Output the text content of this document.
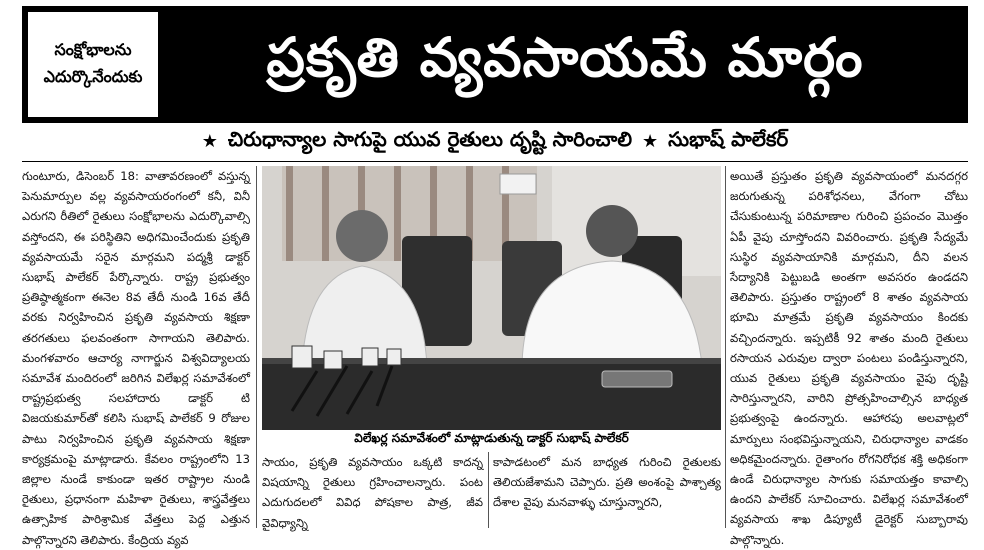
సంక్షోభాలను
ఎదుర్కొనేందుకు	ప్రకృతి వ్యవసాయమే మార్గం
★ చిరుధాన్యాల సాగుపై యువ రైతులు దృష్టి సారించాలి ★ సుభాష్ పాలేకర్

గుంటూరు, డిసెంబర్ 18: వాతావరణంలో వస్తున్న పెనుమార్పుల వల్ల వ్యవసాయరంగంలో కనీ, వినీ ఎరుగని రీతిలో రైతులు సంక్షోభాలను ఎదుర్కొవాల్సి వస్తోందని, ఈ పరిస్థితిని అధిగమించేందుకు ప్రకృతి వ్యవసాయమే సరైన మార్గమని పద్మశ్రీ డాక్టర్ సుభాష్ పాలేకర్ పేర్కొన్నారు. రాష్ట్ర ప్రభుత్వం ప్రతిష్ఠాత్మకంగా ఈనెల 8వ తేదీ నుండి 16వ తేదీ వరకు నిర్వహించిన ప్రకృతి వ్యవసాయ శిక్షణా తరగతులు ఫలవంతంగా సాగాయని తెలిపారు. మంగళవారం ఆచార్య నాగార్జున విశ్వవిద్యాలయ సమావేశ మందిరంలో జరిగిన విలేఖర్ల సమావేశంలో రాష్ట్రప్రభుత్వ సలహాదారు డాక్టర్ టి విజయకుమార్‌తో కలిసి సుభాష్ పాలేకర్ 9 రోజుల పాటు నిర్వహించిన ప్రకృతి వ్యవసాయ శిక్షణా కార్యక్రమంపై మాట్లాడారు. కేవలం రాష్ట్రంలోని 13 జిల్లాల నుండే కాకుండా ఇతర రాష్ట్రాల నుండి రైతులు, ప్రధానంగా మహిళా రైతులు, శాస్త్రవేత్తలు ఉత్సాహిక పారిశ్రామిక వేత్తలు పెద్ద ఎత్తున పాల్గొన్నారని తెలిపారు. కేంద్రియ వ్యవ

విలేఖర్ల సమావేశంలో మాట్లాడుతున్న డాక్టర్ సుభాష్ పాలేకర్

సాయం, ప్రకృతి వ్యవసాయం ఒక్కటి కాదన్న విషయాన్ని రైతులు గ్రహించాలన్నారు. పంట ఎదుగుదలలో వివిధ పోషకాల పాత్ర, జీవ వైవిధ్యాన్ని

కాపాడటంలో మన బాధ్యత గురించి రైతులకు తెలియజేశామని చెప్పారు. ప్రతి అంశంపై పాశ్చాత్య దేశాల వైపు మనవాళ్ళు చూస్తున్నారని,

అయితే ప్రస్తుతం ప్రకృతి వ్యవసాయంలో మనదగ్గర జరుగుతున్న పరిశోధనలు, వేగంగా చోటు చేసుకుంటున్న పరిమాణాల గురించి ప్రపంచం మొత్తం ఏపీ వైపు చూస్తోందని వివరించారు. ప్రకృతి సేద్యమే సుస్థిర వ్యవసాయానికి మార్గమని, దీని వలన సేద్యానికి పెట్టుబడి అంతగా అవసరం ఉండదని తెలిపారు. ప్రస్తుతం రాష్ట్రంలో 8 శాతం వ్యవసాయ భూమి మాత్రమే ప్రకృతి వ్యవసాయం కిందకు వచ్చిందన్నారు. ఇప్పటికీ 92 శాతం మంది రైతులు రసాయన ఎరువుల ద్వారా పంటలు పండిస్తున్నారని, యువ రైతులు ప్రకృతి వ్యవసాయం వైపు దృష్టి సారిస్తున్నారని, వారిని ప్రోత్సహించాల్సిన బాధ్యత ప్రభుత్వంపై ఉందన్నారు. ఆహారపు అలవాట్లలో మార్పులు సంభవిస్తున్నాయని, చిరుధాన్యాల వాడకం అధికమైందన్నారు. రైతాంగం రోగనిరోధక శక్తి అధికంగా ఉండే చిరుధాన్యాల సాగుకు సమాయత్తం కావాల్సి ఉందని పాలేకర్ సూచించారు. విలేఖర్ల సమావేశంలో వ్యవసాయ శాఖ డిప్యూటీ డైరెక్టర్ సుబ్బారావు పాల్గొన్నారు.
